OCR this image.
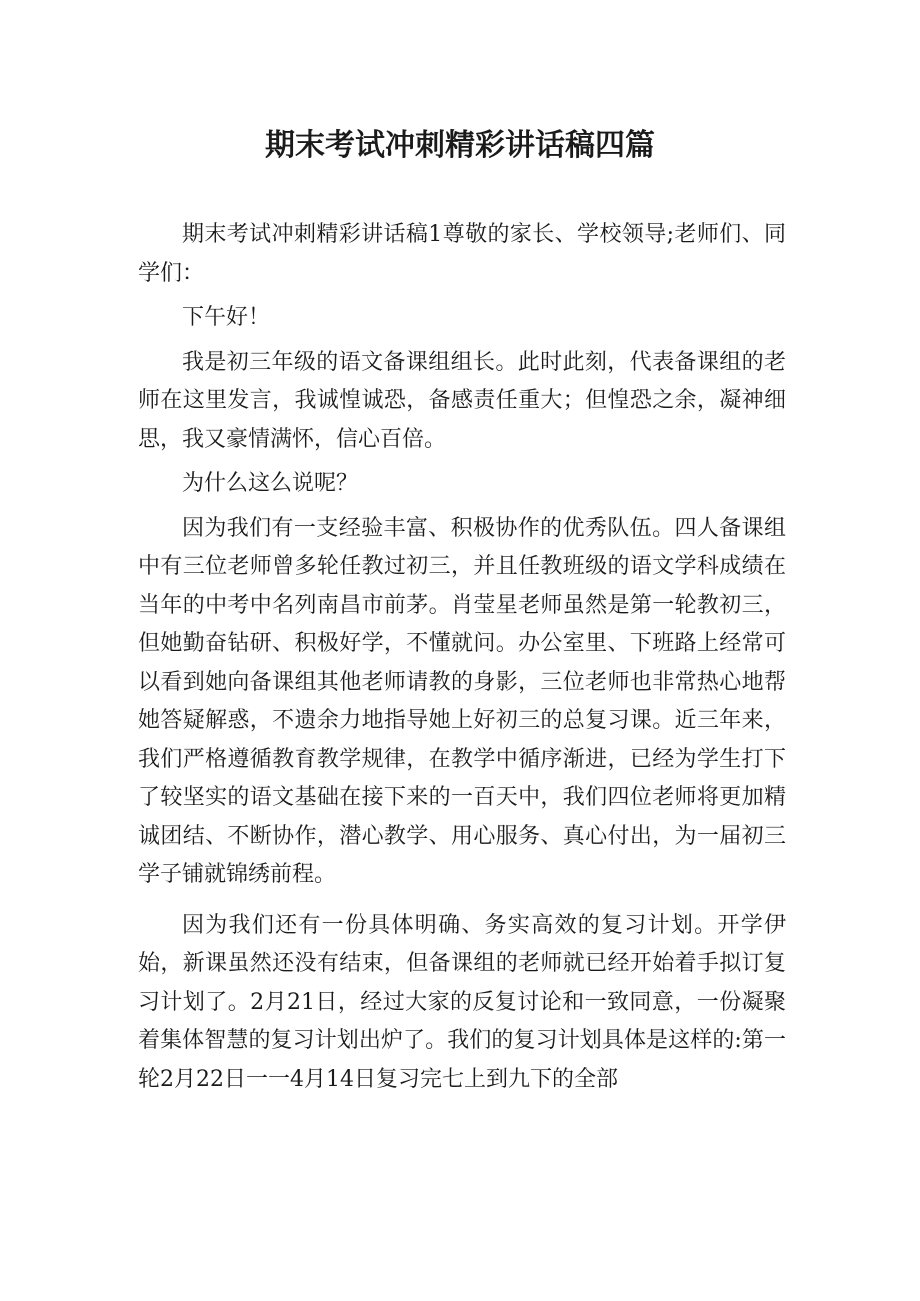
期末考试冲刺精彩讲话稿四篇

期末考试冲刺精彩讲话稿1尊敬的家长、学校领导;老师们、同学们：

下午好！

我是初三年级的语文备课组组长。此时此刻，代表备课组的老师在这里发言，我诚惶诚恐，备感责任重大；但惶恐之余，凝神细思，我又豪情满怀，信心百倍。

为什么这么说呢？

因为我们有一支经验丰富、积极协作的优秀队伍。四人备课组中有三位老师曾多轮任教过初三，并且任教班级的语文学科成绩在当年的中考中名列南昌市前茅。肖莹星老师虽然是第一轮教初三，但她勤奋钻研、积极好学，不懂就问。办公室里、下班路上经常可以看到她向备课组其他老师请教的身影，三位老师也非常热心地帮她答疑解惑，不遗余力地指导她上好初三的总复习课。近三年来，我们严格遵循教育教学规律，在教学中循序渐进，已经为学生打下了较坚实的语文基础在接下来的一百天中，我们四位老师将更加精诚团结、不断协作，潜心教学、用心服务、真心付出，为一届初三学子铺就锦绣前程。

因为我们还有一份具体明确、务实高效的复习计划。开学伊始，新课虽然还没有结束，但备课组的老师就已经开始着手拟订复习计划了。2月21日，经过大家的反复讨论和一致同意，一份凝聚着集体智慧的复习计划出炉了。我们的复习计划具体是这样的:第一轮2月22日一一4月14日复习完七上到九下的全部
